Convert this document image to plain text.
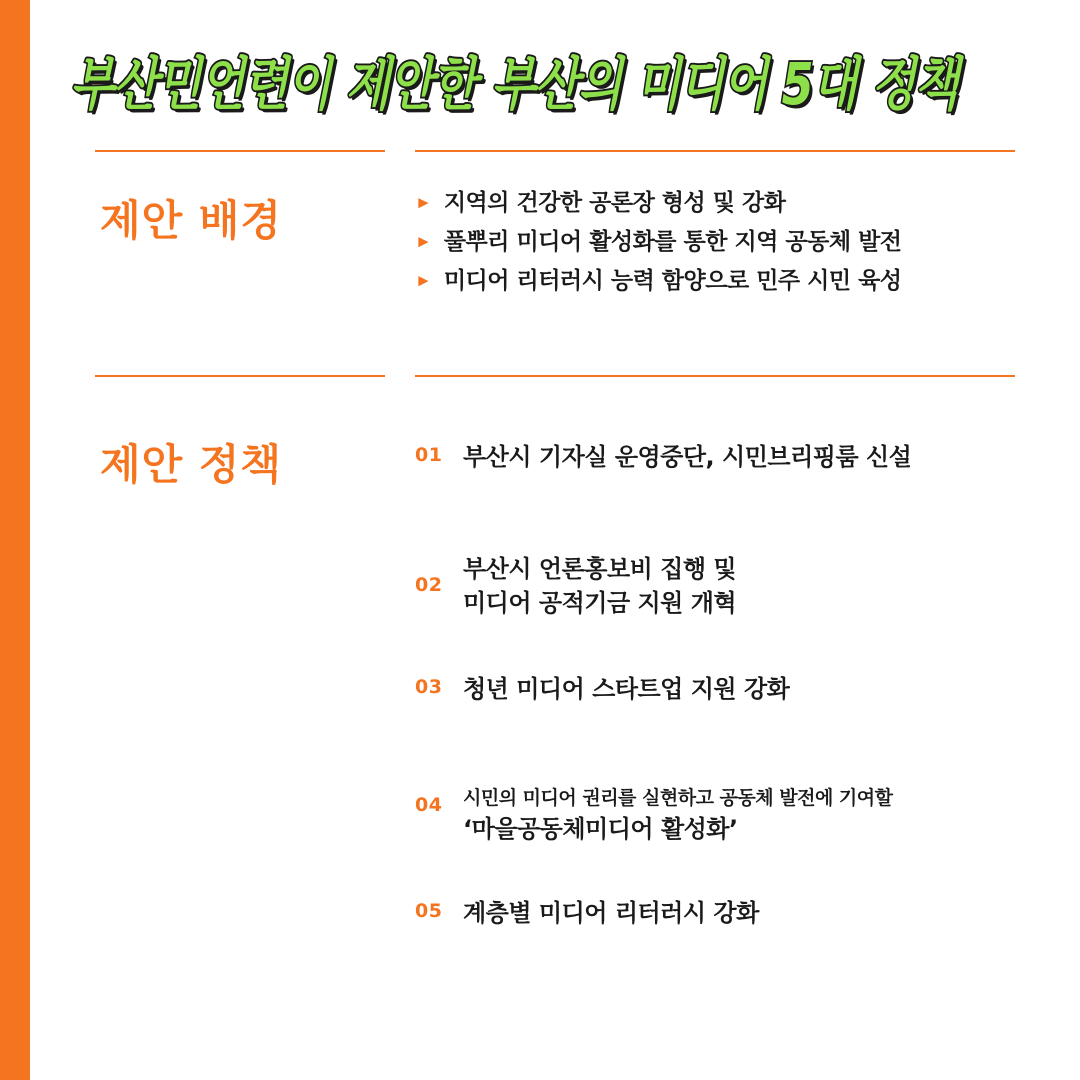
부산민언련이 제안한 부산의 미디어 5대 정책
제안 배경	► 지역의 건강한 공론장 형성 및 강화
► 풀뿌리 미디어 활성화를 통한 지역 공동체 발전
► 미디어 리터러시 능력 함양으로 민주 시민 육성
제안 정책	01 부산시 기자실 운영중단, 시민브리핑룸 신설
02
부산시 언론홍보비 집행 및
미디어 공적기금 지원 개혁
03 청년 미디어 스타트업 지원 강화
04	시민의 미디어 권리를 실현하고 공동체 발전에 기여할
‘마을공동체미디어 활성화’
05 계층별 미디어 리터러시 강화
